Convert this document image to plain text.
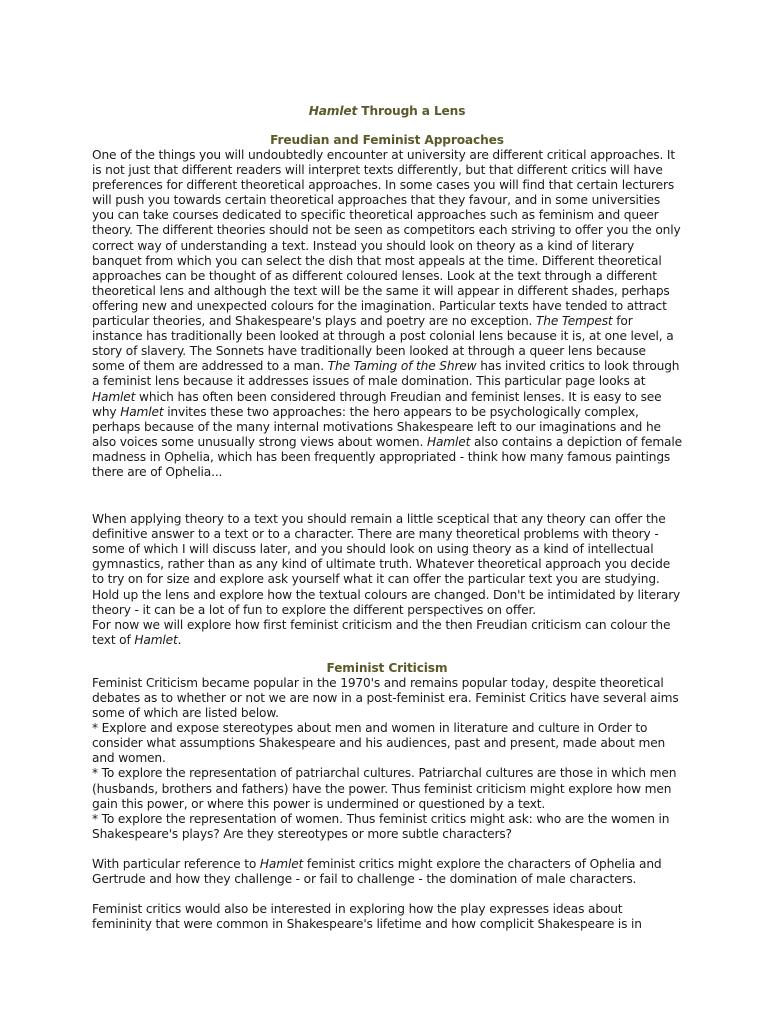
Hamlet Through a Lens
Freudian and Feminist Approaches

One of the things you will undoubtedly encounter at university are different critical approaches. It is not just that different readers will interpret texts differently, but that different critics will have preferences for different theoretical approaches. In some cases you will find that certain lecturers will push you towards certain theoretical approaches that they favour, and in some universities you can take courses dedicated to specific theoretical approaches such as feminism and queer theory. The different theories should not be seen as competitors each striving to offer you the only correct way of understanding a text. Instead you should look on theory as a kind of literary banquet from which you can select the dish that most appeals at the time. Different theoretical approaches can be thought of as different coloured lenses. Look at the text through a different theoretical lens and although the text will be the same it will appear in different shades, perhaps offering new and unexpected colours for the imagination. Particular texts have tended to attract particular theories, and Shakespeare's plays and poetry are no exception. The Tempest for instance has traditionally been looked at through a post colonial lens because it is, at one level, a story of slavery. The Sonnets have traditionally been looked at through a queer lens because some of them are addressed to a man. The Taming of the Shrew has invited critics to look through a feminist lens because it addresses issues of male domination. This particular page looks at Hamlet which has often been considered through Freudian and feminist lenses. It is easy to see why Hamlet invites these two approaches: the hero appears to be psychologically complex, perhaps because of the many internal motivations Shakespeare left to our imaginations and he also voices some unusually strong views about women. Hamlet also contains a depiction of female madness in Ophelia, which has been frequently appropriated - think how many famous paintings there are of Ophelia...

When applying theory to a text you should remain a little sceptical that any theory can offer the definitive answer to a text or to a character. There are many theoretical problems with theory - some of which I will discuss later, and you should look on using theory as a kind of intellectual gymnastics, rather than as any kind of ultimate truth. Whatever theoretical approach you decide to try on for size and explore ask yourself what it can offer the particular text you are studying. Hold up the lens and explore how the textual colours are changed. Don't be intimidated by literary theory - it can be a lot of fun to explore the different perspectives on offer.

For now we will explore how first feminist criticism and the then Freudian criticism can colour the text of Hamlet.

Feminist Criticism

Feminist Criticism became popular in the 1970's and remains popular today, despite theoretical debates as to whether or not we are now in a post-feminist era. Feminist Critics have several aims some of which are listed below.

* Explore and expose stereotypes about men and women in literature and culture in Order to consider what assumptions Shakespeare and his audiences, past and present, made about men and women.

* To explore the representation of patriarchal cultures. Patriarchal cultures are those in which men (husbands, brothers and fathers) have the power. Thus feminist criticism might explore how men gain this power, or where this power is undermined or questioned by a text.

* To explore the representation of women. Thus feminist critics might ask: who are the women in Shakespeare's plays? Are they stereotypes or more subtle characters?

With particular reference to Hamlet feminist critics might explore the characters of Ophelia and Gertrude and how they challenge - or fail to challenge - the domination of male characters.

Feminist critics would also be interested in exploring how the play expresses ideas about femininity that were common in Shakespeare's lifetime and how complicit Shakespeare is in
